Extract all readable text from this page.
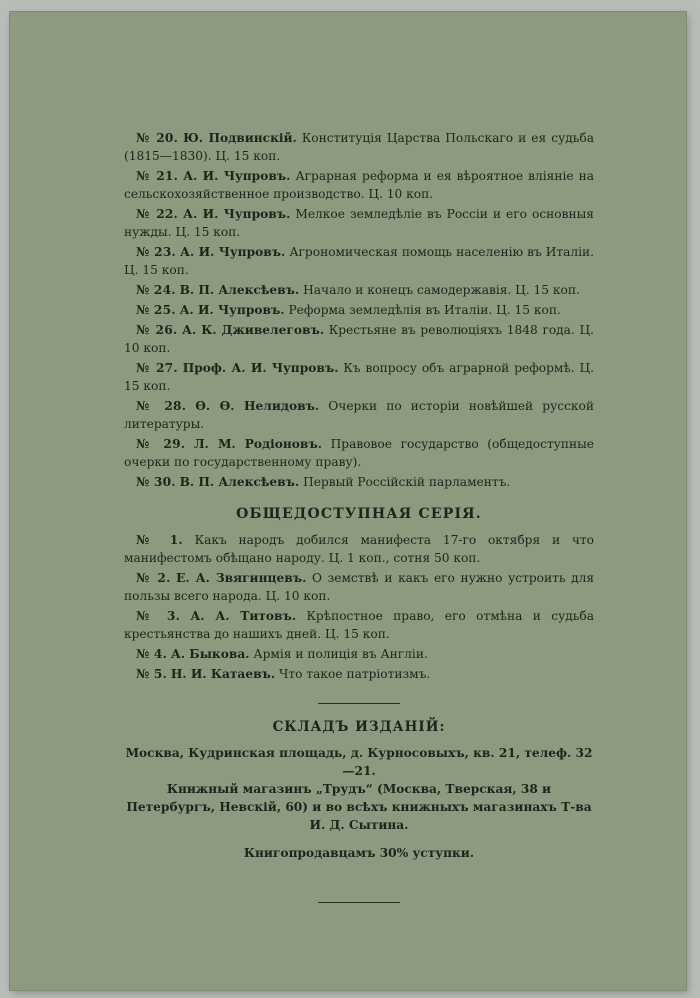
№ 20. Ю. Подвинскій. Конституція Царства Польскаго и ея судьба (1815—1830). Ц. 15 коп.

№ 21. А. И. Чупровъ. Аграрная реформа и ея вѣроятное вліяніе на сельскохозяйственное производство. Ц. 10 коп.

№ 22. А. И. Чупровъ. Мелкое земледѣліе въ Россіи и его основныя нужды. Ц. 15 коп.

№ 23. А. И. Чупровъ. Агрономическая помощь населенію въ Италіи. Ц. 15 коп.

№ 24. В. П. Алексѣевъ. Начало и конецъ самодержавія. Ц. 15 коп.

№ 25. А. И. Чупровъ. Реформа земледѣлія въ Италіи. Ц. 15 коп.

№ 26. А. К. Дживелеговъ. Крестьяне въ революціяхъ 1848 года. Ц. 10 коп.

№ 27. Проф. А. И. Чупровъ. Къ вопросу объ аграрной реформѣ. Ц. 15 коп.

№ 28. Ѳ. Ѳ. Нелидовъ. Очерки по исторіи новѣйшей русской литературы.

№ 29. Л. М. Родіоновъ. Правовое государство (общедоступные очерки по государственному праву).

№ 30. В. П. Алексѣевъ. Первый Россійскій парламентъ.

ОБЩЕДОСТУПНАЯ СЕРІЯ.

№ 1. Какъ народъ добился манифеста 17-го октября и что манифестомъ обѣщано народу. Ц. 1 коп., сотня 50 коп.

№ 2. Е. А. Звягинцевъ. О земствѣ и какъ его нужно устроить для пользы всего народа. Ц. 10 коп.

№ 3. А. А. Титовъ. Крѣпостное право, его отмѣна и судьба крестьянства до нашихъ дней. Ц. 15 коп.

№ 4. А. Быкова. Армія и полиція въ Англіи.

№ 5. Н. И. Катаевъ. Что такое патріотизмъ.

СКЛАДЪ ИЗДАНІЙ:

Москва, Кудринская площадь, д. Курносовыхъ, кв. 21, телеф. 32—21.

Книжный магазинъ „Трудъ“ (Москва, Тверская, 38 и Петербургъ, Невскій, 60) и во всѣхъ книжныхъ магазинахъ Т-ва И. Д. Сытина.

Книгопродавцамъ 30% уступки.
